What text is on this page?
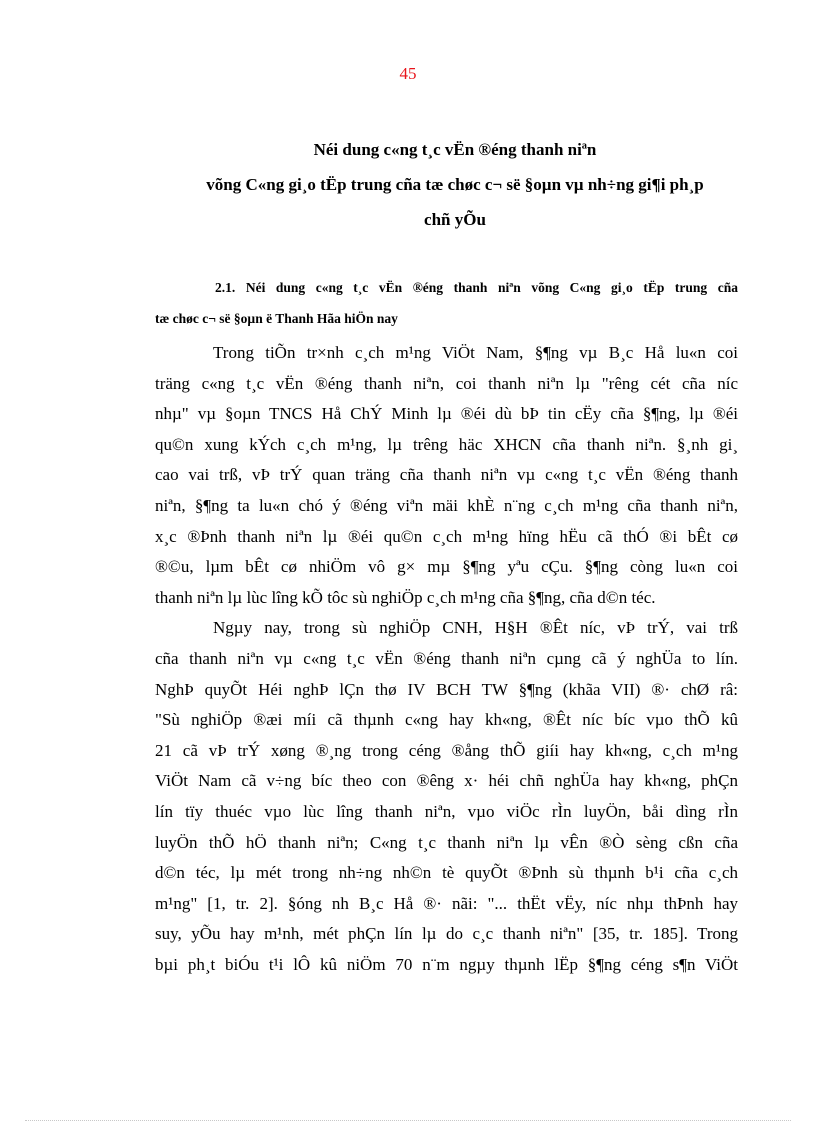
45
Néi dung c«ng t¸c vËn ®éng thanh niªn
võng C«ng gi¸o tËp trung cña tæ chøc c¬ së §oµn vµ nh÷ng gi¶i ph¸p
chñ yÕu
2.1. Néi dung c«ng t¸c vËn ®éng thanh niªn võng C«ng gi¸o tËp trung cña
tæ chøc c¬ së §oµn ë Thanh Hãa hiÖn nay
Trong tiÕn tr×nh c¸ch m¹ng ViÖt Nam, §¶ng vµ B¸c Hå lu«n coi
träng c«ng t¸c vËn ®éng thanh niªn, coi thanh niªn lµ "rêng cét cña níc
nhµ" vµ §oµn TNCS Hå ChÝ Minh lµ ®éi dù bÞ tin cËy cña §¶ng, lµ ®éi
qu©n xung kÝch c¸ch m¹ng, lµ trêng häc XHCN cña thanh niªn. §¸nh gi¸
cao vai trß, vÞ trÝ quan träng cña thanh niªn vµ c«ng t¸c vËn ®éng thanh
niªn, §¶ng ta lu«n chó ý ®éng viªn mäi khÈ n¨ng c¸ch m¹ng cña thanh niªn,
x¸c ®Þnh thanh niªn lµ ®éi qu©n c¸ch m¹ng hïng hËu cã thÓ ®i bÊt cø
®©u, lµm bÊt cø nhiÖm vô g× mµ §¶ng yªu cÇu. §¶ng còng lu«n coi
thanh niªn lµ lùc lîng kÕ tôc sù nghiÖp c¸ch m¹ng cña §¶ng, cña d©n téc.
Ngµy nay, trong sù nghiÖp CNH, H§H ®Êt níc, vÞ trÝ, vai trß
cña thanh niªn vµ c«ng t¸c vËn ®éng thanh niªn cµng cã ý nghÜa to lín.
NghÞ quyÕt Héi nghÞ lÇn thø IV BCH TW §¶ng (khãa VII) ®· chØ râ:
"Sù nghiÖp ®æi míi cã thµnh c«ng hay kh«ng, ®Êt níc bíc vµo thÕ kû
21 cã vÞ trÝ xøng ®¸ng trong céng ®ång thÕ giíi hay kh«ng, c¸ch m¹ng
ViÖt Nam cã v÷ng bíc theo con ®êng x· héi chñ nghÜa hay kh«ng, phÇn
lín tïy thuéc vµo lùc lîng thanh niªn, vµo viÖc rÌn luyÖn, båi dìng rÌn
luyÖn thÕ hÖ thanh niªn; C«ng t¸c thanh niªn lµ vÊn ®Ò sèng cßn cña
d©n téc, lµ mét trong nh÷ng nh©n tè quyÕt ®Þnh sù thµnh b¹i cña c¸ch
m¹ng" [1, tr. 2]. §óng nh B¸c Hå ®· nãi: "... thËt vËy, níc nhµ thÞnh hay
suy, yÕu hay m¹nh, mét phÇn lín lµ do c¸c thanh niªn" [35, tr. 185]. Trong
bµi ph¸t biÓu t¹i lÔ kû niÖm 70 n¨m ngµy thµnh lËp §¶ng céng s¶n ViÖt
